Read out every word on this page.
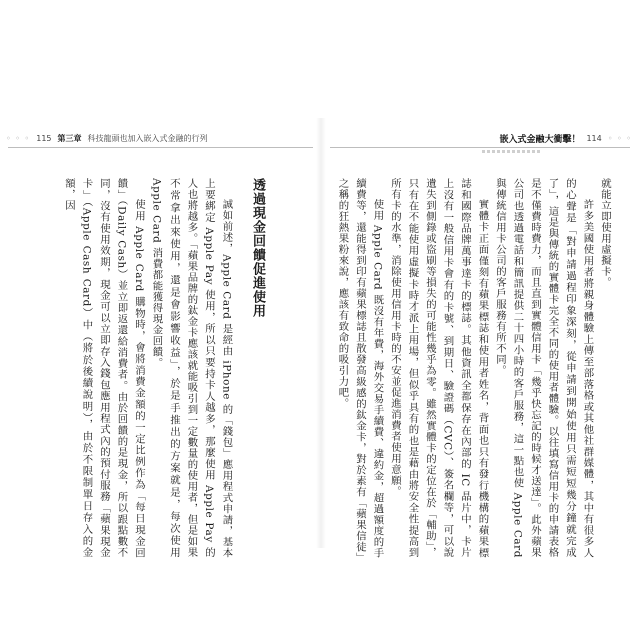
◦ ◦ ◦ 115 第三章 科技龍頭也加入嵌入式金融的行列	嵌入式金融大衝擊！ 114 ◦ ◦ ◦

就能立即使用虛擬卡。

許多美國使用者將親身體驗上傳至部落格或其他社群媒體，其中有很多人的心聲是「對申請過程印象深刻，從申請到開始使用只需短短幾分鐘就完成了」，這是與傳統的實體卡完全不同的使用者體驗。以往填寫信用卡的申請表格是不僅費時費力，而且直到實體信用卡「幾乎快忘記的時候才送達」。此外蘋果公司也透過電話和簡訊提供二十四小時的客戶服務，這一點也使 Apple Card 與傳統信用卡公司的客戶服務有所不同。

實體卡正面僅刻有蘋果標誌和使用者姓名，背面也只有發行機構的蘋果標誌和國際品牌萬事達卡的標誌。其他資訊全都保存在內部的 IC 晶片中，卡片上沒有一般信用卡會有的卡號、到期日、驗證碼（CVC）、簽名欄等，可以說遺失到側錄或盜刷等損失的可能性幾乎為零。雖然實體卡的定位在於「輔助」，只有在不能使用虛擬卡時才派上用場，但似乎具有的也是藉由將安全性提高到所有卡的水準，消除使用信用卡時的不安並促進消費者使用意願。

使用 Apple Card 既沒有年費，海外交易手續費、違約金，超過額度的手續費等，還能得到印有蘋果標誌且散發高級感的鈦金卡，對於素有「蘋果信徒」之稱的狂熱果粉來說，應該有致命的吸引力吧。

透過現金回饋促進使用

誠如前述，Apple Card 是經由 iPhone 的「錢包」應用程式申請，基本上要綁定 Apple Pay 使用，所以只要持卡人越多，那麼使用 Apple Pay 的人也將越多。「蘋果品牌的鈦金卡應該就能吸引到一定數量的使用者，但是如果不常拿出來使用，還是會影響收益」，於是手推出的方案就是，每次使用 Apple Card 消費都能獲得現金回饋。

使用 Apple Card 購物時，會將消費金額的一定比例作為「每日現金回饋」（Daily Cash）並立即返還給消費者。由於回饋的是現金，所以跟點數不同，沒有使用效期，現金可以立即存入錢包應用程式內的預付服務「蘋果現金卡」（Apple Cash Card）中（將於後續說明），由於不限制單日存入的金額，因
